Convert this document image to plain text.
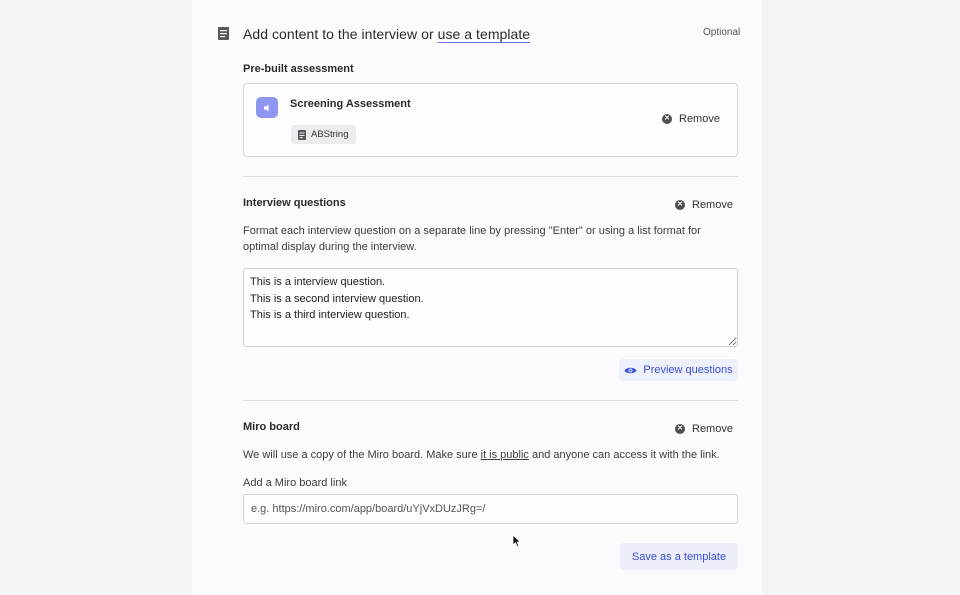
Add content to the interview or use a template	Optional
Pre-built assessment
Screening Assessment
ABString
✕ Remove
Interview questions	✕ Remove
Format each interview question on a separate line by pressing "Enter" or using a list format for optimal display during the interview.
This is a interview question. This is a second interview question. This is a third interview question.
Preview questions
Miro board	✕ Remove
We will use a copy of the Miro board. Make sure it is public and anyone can access it with the link.
Add a Miro board link
e.g. https://miro.com/app/board/uYjVxDUzJRg=/
Save as a template
